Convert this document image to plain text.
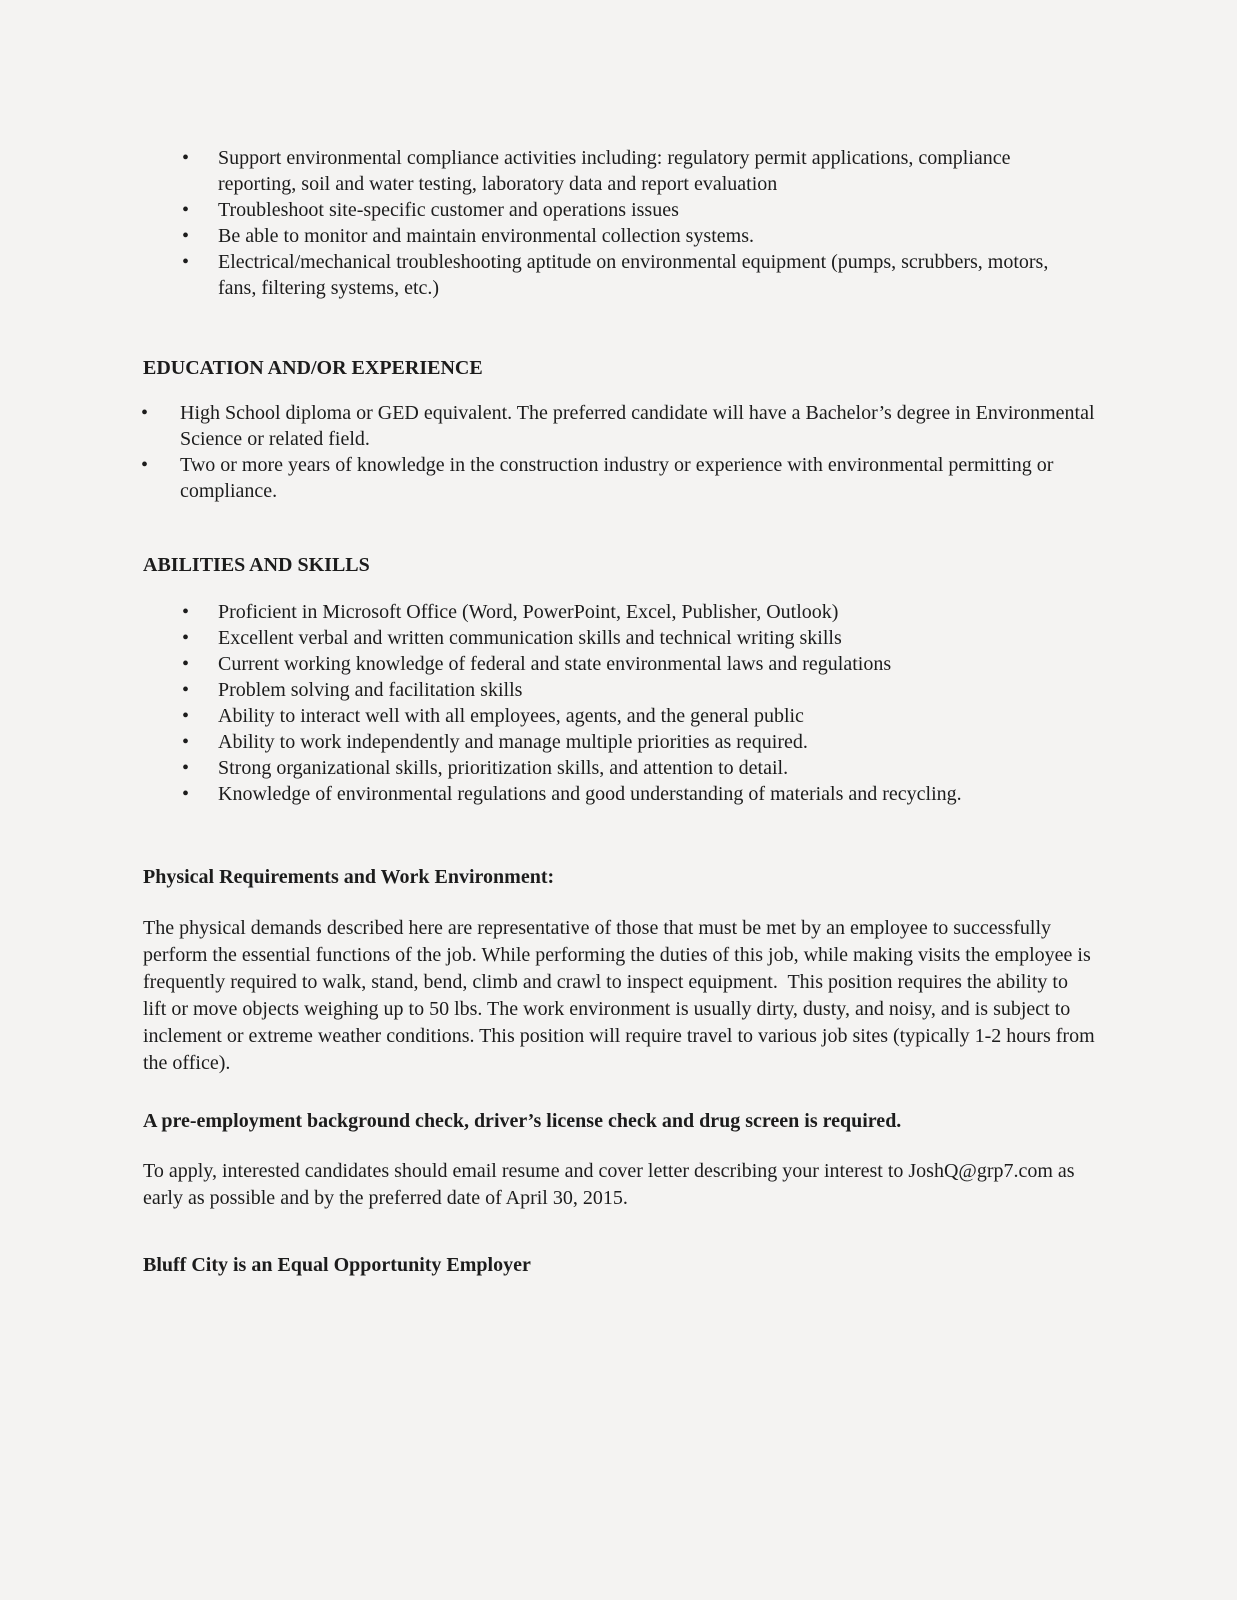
• Support environmental compliance activities including: regulatory permit applications, compliance reporting, soil and water testing, laboratory data and report evaluation
• Troubleshoot site-specific customer and operations issues
• Be able to monitor and maintain environmental collection systems.
• Electrical/mechanical troubleshooting aptitude on environmental equipment (pumps, scrubbers, motors, fans, filtering systems, etc.)
EDUCATION AND/OR EXPERIENCE
• High School diploma or GED equivalent. The preferred candidate will have a Bachelor’s degree in Environmental Science or related field.
• Two or more years of knowledge in the construction industry or experience with environmental permitting or compliance.
ABILITIES AND SKILLS
• Proficient in Microsoft Office (Word, PowerPoint, Excel, Publisher, Outlook)
• Excellent verbal and written communication skills and technical writing skills
• Current working knowledge of federal and state environmental laws and regulations
• Problem solving and facilitation skills
• Ability to interact well with all employees, agents, and the general public
• Ability to work independently and manage multiple priorities as required.
• Strong organizational skills, prioritization skills, and attention to detail.
• Knowledge of environmental regulations and good understanding of materials and recycling.
Physical Requirements and Work Environment:

The physical demands described here are representative of those that must be met by an employee to successfully perform the essential functions of the job. While performing the duties of this job, while making visits the employee is frequently required to walk, stand, bend, climb and crawl to inspect equipment.  This position requires the ability to lift or move objects weighing up to 50 lbs. The work environment is usually dirty, dusty, and noisy, and is subject to inclement or extreme weather conditions. This position will require travel to various job sites (typically 1-2 hours from the office).

A pre-employment background check, driver’s license check and drug screen is required.

To apply, interested candidates should email resume and cover letter describing your interest to JoshQ@grp7.com as early as possible and by the preferred date of April 30, 2015.

Bluff City is an Equal Opportunity Employer
